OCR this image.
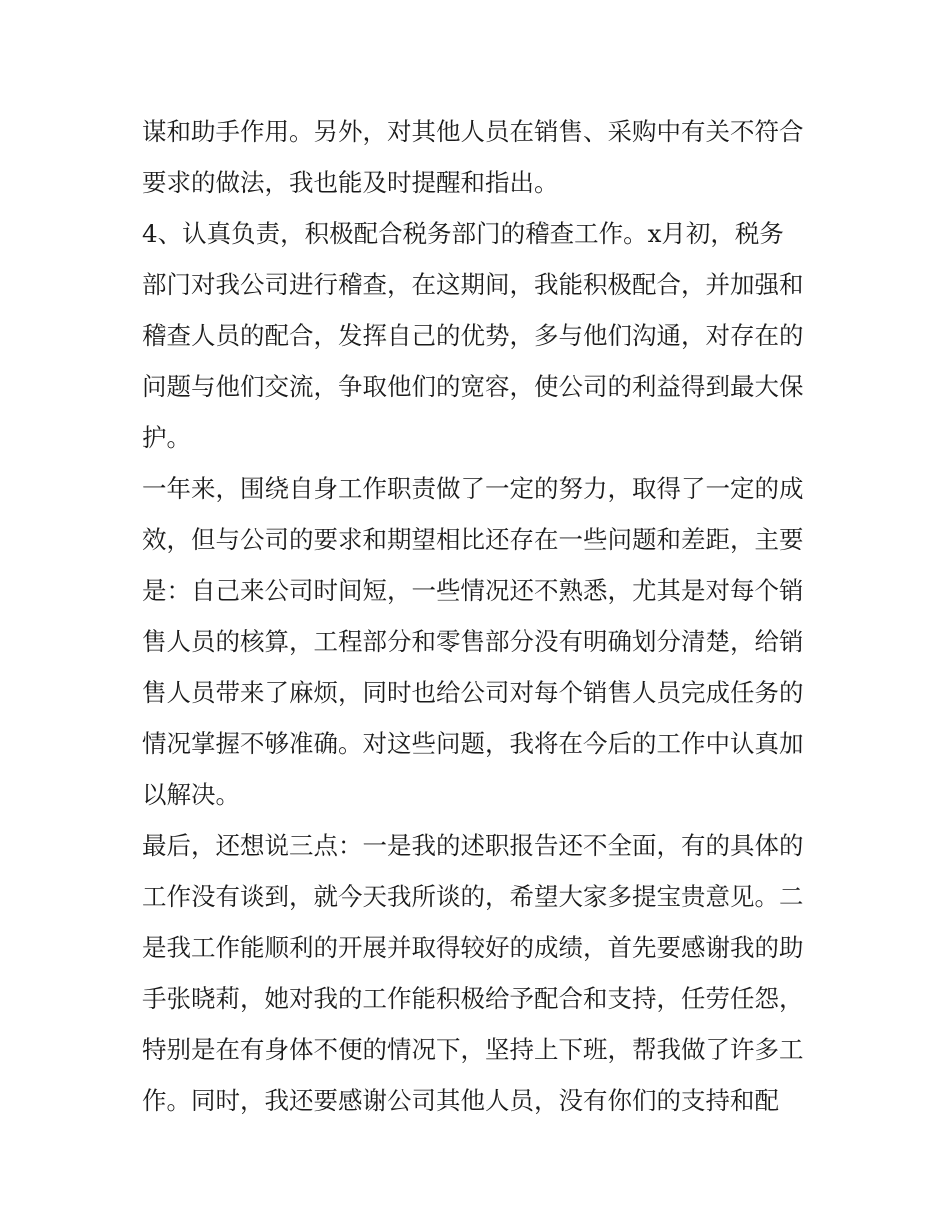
谋和助手作用。另外，对其他人员在销售、采购中有关不符合
要求的做法，我也能及时提醒和指出。
4、认真负责，积极配合税务部门的稽查工作。x月初，税务
部门对我公司进行稽查，在这期间，我能积极配合，并加强和
稽查人员的配合，发挥自己的优势，多与他们沟通，对存在的
问题与他们交流，争取他们的宽容，使公司的利益得到最大保
护。
一年来，围绕自身工作职责做了一定的努力，取得了一定的成
效，但与公司的要求和期望相比还存在一些问题和差距，主要
是：自己来公司时间短，一些情况还不熟悉，尤其是对每个销
售人员的核算，工程部分和零售部分没有明确划分清楚，给销
售人员带来了麻烦，同时也给公司对每个销售人员完成任务的
情况掌握不够准确。对这些问题，我将在今后的工作中认真加
以解决。
最后，还想说三点：一是我的述职报告还不全面，有的具体的
工作没有谈到，就今天我所谈的，希望大家多提宝贵意见。二
是我工作能顺利的开展并取得较好的成绩，首先要感谢我的助
手张晓莉，她对我的工作能积极给予配合和支持，任劳任怨，
特别是在有身体不便的情况下，坚持上下班，帮我做了许多工
作。同时，我还要感谢公司其他人员，没有你们的支持和配
